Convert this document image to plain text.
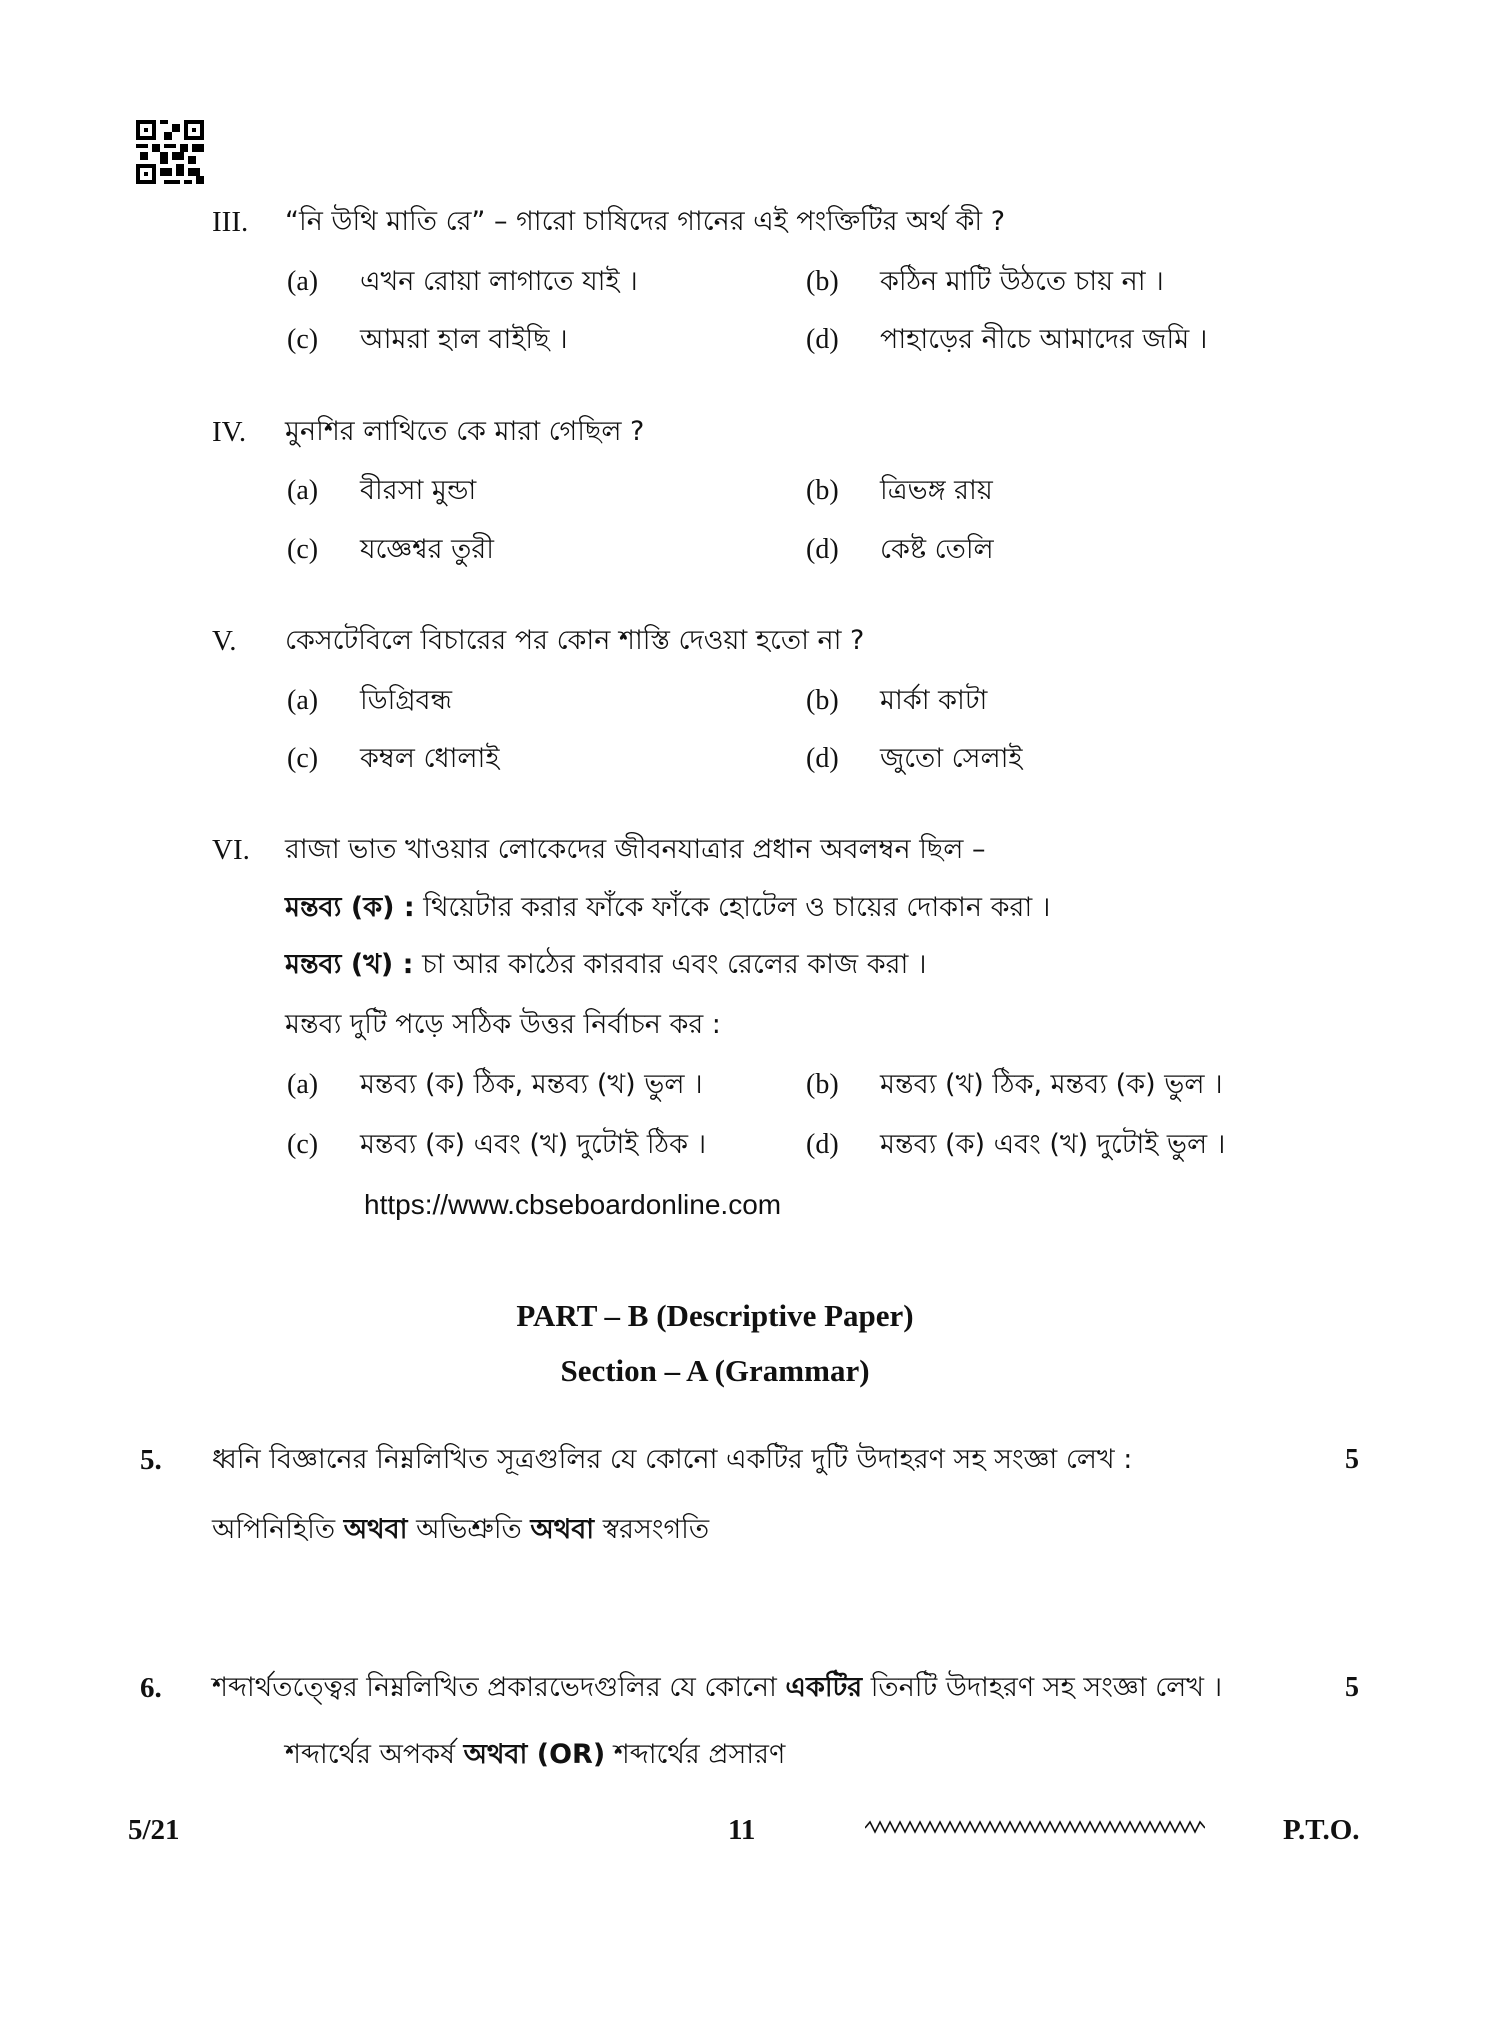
III. “নি উথি মাতি রে” – গারো চাষিদের গানের এই পংক্তিটির অর্থ কী ?
(a) এখন রোয়া লাগাতে যাই ।	(b) কঠিন মাটি উঠতে চায় না ।
(c) আমরা হাল বাইছি ।	(d) পাহাড়ের নীচে আমাদের জমি ।
IV. মুনশির লাথিতে কে মারা গেছিল ?
(a) বীরসা মুন্ডা	(b) ত্রিভঙ্গ রায়
(c) যজ্ঞেশ্বর তুরী	(d) কেষ্ট তেলি
V. কেসটেবিলে বিচারের পর কোন শাস্তি দেওয়া হতো না ?
(a) ডিগ্রিবন্ধ	(b) মার্কা কাটা
(c) কম্বল ধোলাই	(d) জুতো সেলাই
VI. রাজা ভাত খাওয়ার লোকেদের জীবনযাত্রার প্রধান অবলম্বন ছিল –
মন্তব্য (ক) : থিয়েটার করার ফাঁকে ফাঁকে হোটেল ও চায়ের দোকান করা ।
মন্তব্য (খ) : চা আর কাঠের কারবার এবং রেলের কাজ করা ।
মন্তব্য দুটি পড়ে সঠিক উত্তর নির্বাচন কর :
(a) মন্তব্য (ক) ঠিক, মন্তব্য (খ) ভুল ।	(b) মন্তব্য (খ) ঠিক, মন্তব্য (ক) ভুল ।
(c) মন্তব্য (ক) এবং (খ) দুটোই ঠিক ।	(d) মন্তব্য (ক) এবং (খ) দুটোই ভুল ।
https://www.cbseboardonline.com
PART – B (Descriptive Paper)
Section – A (Grammar)
5. ধ্বনি বিজ্ঞানের নিম্নলিখিত সূত্রগুলির যে কোনো একটির দুটি উদাহরণ সহ সংজ্ঞা লেখ :	5
অপিনিহিতি অথবা অভিশ্রুতি অথবা স্বরসংগতি
6. শব্দার্থতত্ত্বের নিম্নলিখিত প্রকারভেদগুলির যে কোনো একটির তিনটি উদাহরণ সহ সংজ্ঞা লেখ ।	5
শব্দার্থের অপকর্ষ অথবা (OR) শব্দার্থের প্রসারণ
5/21	11	P.T.O.
